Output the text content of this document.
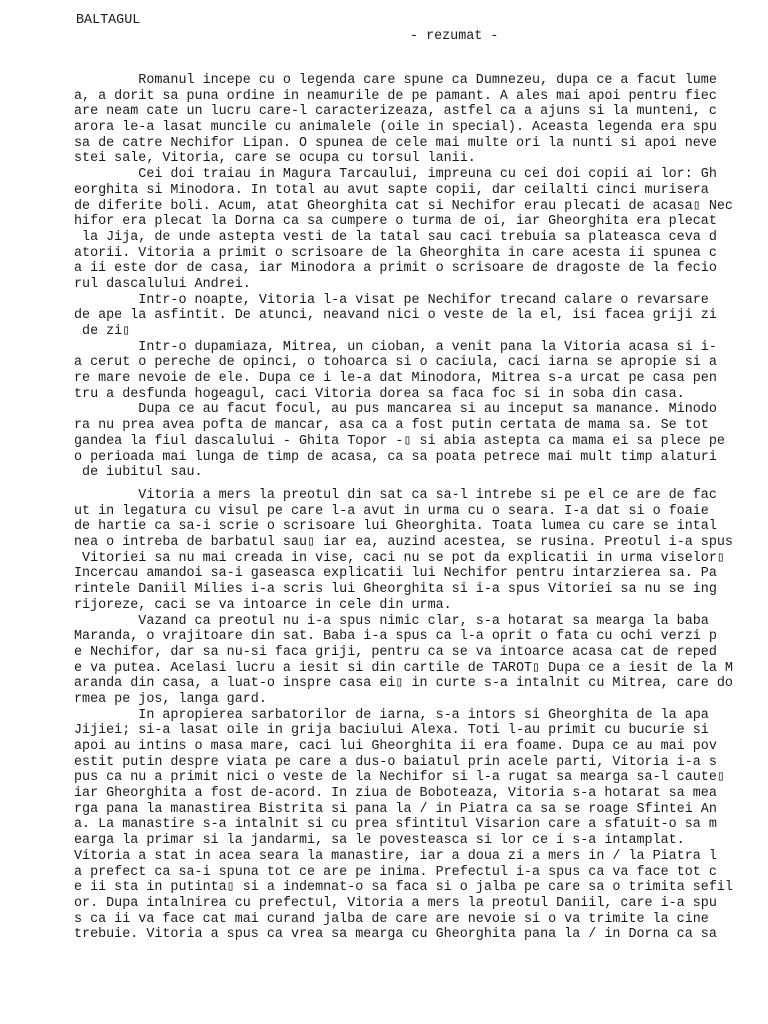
BALTAGUL
- rezumat -
Romanul incepe cu o legenda care spune ca Dumnezeu, dupa ce a facut lume
a, a dorit sa puna ordine in neamurile de pe pamant. A ales mai apoi pentru fiec
are neam cate un lucru care-l caracterizeaza, astfel ca a ajuns si la munteni, c
arora le-a lasat muncile cu animalele (oile in special). Aceasta legenda era spu
sa de catre Nechifor Lipan. O spunea de cele mai multe ori la nunti si apoi neve
stei sale, Vitoria, care se ocupa cu torsul lanii.
Cei doi traiau in Magura Tarcaului, impreuna cu cei doi copii ai lor: Gh
eorghita si Minodora. In total au avut sapte copii, dar ceilalti cinci murisera
de diferite boli. Acum, atat Gheorghita cat si Nechifor erau plecati de acasa▯ Nec
hifor era plecat la Dorna ca sa cumpere o turma de oi, iar Gheorghita era plecat
la Jija, de unde astepta vesti de la tatal sau caci trebuia sa plateasca ceva d
atorii. Vitoria a primit o scrisoare de la Gheorghita in care acesta ii spunea c
a ii este dor de casa, iar Minodora a primit o scrisoare de dragoste de la fecio
rul dascalului Andrei.
Intr-o noapte, Vitoria l-a visat pe Nechifor trecand calare o revarsare
de ape la asfintit. De atunci, neavand nici o veste de la el, isi facea griji zi
de zi▯
Intr-o dupamiaza, Mitrea, un cioban, a venit pana la Vitoria acasa si i-
a cerut o pereche de opinci, o tohoarca si o caciula, caci iarna se apropie si a
re mare nevoie de ele. Dupa ce i le-a dat Minodora, Mitrea s-a urcat pe casa pen
tru a desfunda hogeagul, caci Vitoria dorea sa faca foc si in soba din casa.
Dupa ce au facut focul, au pus mancarea si au inceput sa manance. Minodo
ra nu prea avea pofta de mancar, asa ca a fost putin certata de mama sa. Se tot
gandea la fiul dascalului - Ghita Topor -▯ si abia astepta ca mama ei sa plece pe
o perioada mai lunga de timp de acasa, ca sa poata petrece mai mult timp alaturi
de iubitul sau.
Vitoria a mers la preotul din sat ca sa-l intrebe si pe el ce are de fac
ut in legatura cu visul pe care l-a avut in urma cu o seara. I-a dat si o foaie
de hartie ca sa-i scrie o scrisoare lui Gheorghita. Toata lumea cu care se intal
nea o intreba de barbatul sau▯ iar ea, auzind acestea, se rusina. Preotul i-a spus
Vitoriei sa nu mai creada in vise, caci nu se pot da explicatii in urma viselor▯
Incercau amandoi sa-i gaseasca explicatii lui Nechifor pentru intarzierea sa. Pa
rintele Daniil Milies i-a scris lui Gheorghita si i-a spus Vitoriei sa nu se ing
rijoreze, caci se va intoarce in cele din urma.
Vazand ca preotul nu i-a spus nimic clar, s-a hotarat sa mearga la baba
Maranda, o vrajitoare din sat. Baba i-a spus ca l-a oprit o fata cu ochi verzi p
e Nechifor, dar sa nu-si faca griji, pentru ca se va intoarce acasa cat de reped
e va putea. Acelasi lucru a iesit si din cartile de TAROT▯ Dupa ce a iesit de la M
aranda din casa, a luat-o inspre casa ei▯ in curte s-a intalnit cu Mitrea, care do
rmea pe jos, langa gard.
In apropierea sarbatorilor de iarna, s-a intors si Gheorghita de la apa
Jijiei; si-a lasat oile in grija baciului Alexa. Toti l-au primit cu bucurie si
apoi au intins o masa mare, caci lui Gheorghita ii era foame. Dupa ce au mai pov
estit putin despre viata pe care a dus-o baiatul prin acele parti, Vitoria i-a s
pus ca nu a primit nici o veste de la Nechifor si l-a rugat sa mearga sa-l caute▯
iar Gheorghita a fost de-acord. In ziua de Boboteaza, Vitoria s-a hotarat sa mea
rga pana la manastirea Bistrita si pana la / in Piatra ca sa se roage Sfintei An
a. La manastire s-a intalnit si cu prea sfintitul Visarion care a sfatuit-o sa m
earga la primar si la jandarmi, sa le povesteasca si lor ce i s-a intamplat.
Vitoria a stat in acea seara la manastire, iar a doua zi a mers in / la Piatra l
a prefect ca sa-i spuna tot ce are pe inima. Prefectul i-a spus ca va face tot c
e ii sta in putinta▯ si a indemnat-o sa faca si o jalba pe care sa o trimita sefil
or. Dupa intalnirea cu prefectul, Vitoria a mers la preotul Daniil, care i-a spu
s ca ii va face cat mai curand jalba de care are nevoie si o va trimite la cine
trebuie. Vitoria a spus ca vrea sa mearga cu Gheorghita pana la / in Dorna ca sa
